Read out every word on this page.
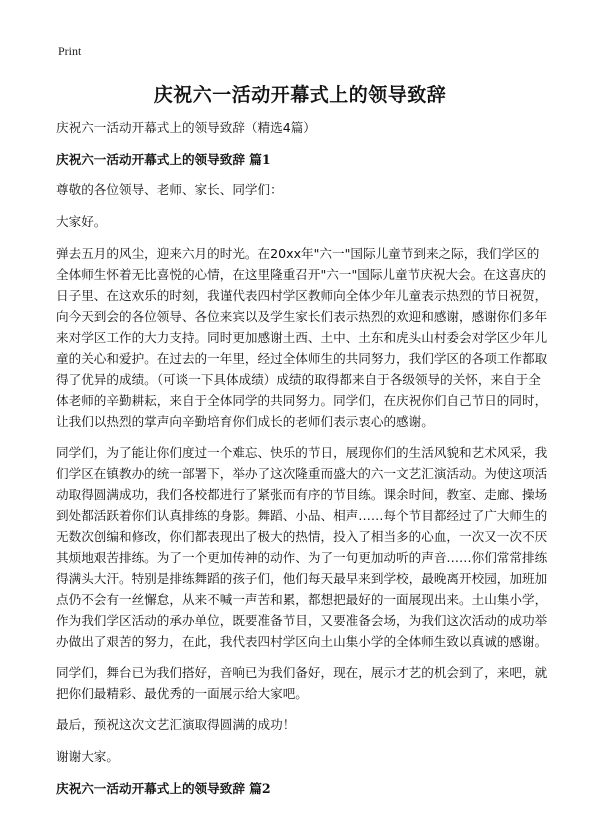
Print
庆祝六一活动开幕式上的领导致辞

庆祝六一活动开幕式上的领导致辞（精选4篇）

庆祝六一活动开幕式上的领导致辞 篇1

尊敬的各位领导、老师、家长、同学们：

大家好。

弹去五月的风尘，迎来六月的时光。在20xx年"六一"国际儿童节到来之际，我们学区的全体师生怀着无比喜悦的心情，在这里隆重召开"六一"国际儿童节庆祝大会。在这喜庆的日子里、在这欢乐的时刻，我谨代表四村学区教师向全体少年儿童表示热烈的节日祝贺，向今天到会的各位领导、各位来宾以及学生家长们表示热烈的欢迎和感谢，感谢你们多年来对学区工作的大力支持。同时更加感谢土西、土中、土东和虎头山村委会对学区少年儿童的关心和爱护。在过去的一年里，经过全体师生的共同努力，我们学区的各项工作都取得了优异的成绩。（可谈一下具体成绩）成绩的取得都来自于各级领导的关怀，来自于全体老师的辛勤耕耘，来自于全体同学的共同努力。同学们，在庆祝你们自己节日的同时，让我们以热烈的掌声向辛勤培育你们成长的老师们表示衷心的感谢。

同学们，为了能让你们度过一个难忘、快乐的节日，展现你们的生活风貌和艺术风采，我们学区在镇教办的统一部署下，举办了这次隆重而盛大的六一文艺汇演活动。为使这项活动取得圆满成功，我们各校都进行了紧张而有序的节目练。课余时间，教室、走廊、操场到处都活跃着你们认真排练的身影。舞蹈、小品、相声……每个节目都经过了广大师生的无数次创编和修改，你们都表现出了极大的热情，投入了相当多的心血，一次又一次不厌其烦地艰苦排练。为了一个更加传神的动作、为了一句更加动听的声音……你们常常排练得满头大汗。特别是排练舞蹈的孩子们，他们每天最早来到学校，最晚离开校园，加班加点仍不会有一丝懈怠，从来不喊一声苦和累，都想把最好的一面展现出来。土山集小学，作为我们学区活动的承办单位，既要准备节目，又要准备会场，为我们这次活动的成功举办做出了艰苦的努力，在此，我代表四村学区向土山集小学的全体师生致以真诚的感谢。

同学们，舞台已为我们搭好，音响已为我们备好，现在，展示才艺的机会到了，来吧，就把你们最精彩、最优秀的一面展示给大家吧。

最后，预祝这次文艺汇演取得圆满的成功！

谢谢大家。

庆祝六一活动开幕式上的领导致辞 篇2
